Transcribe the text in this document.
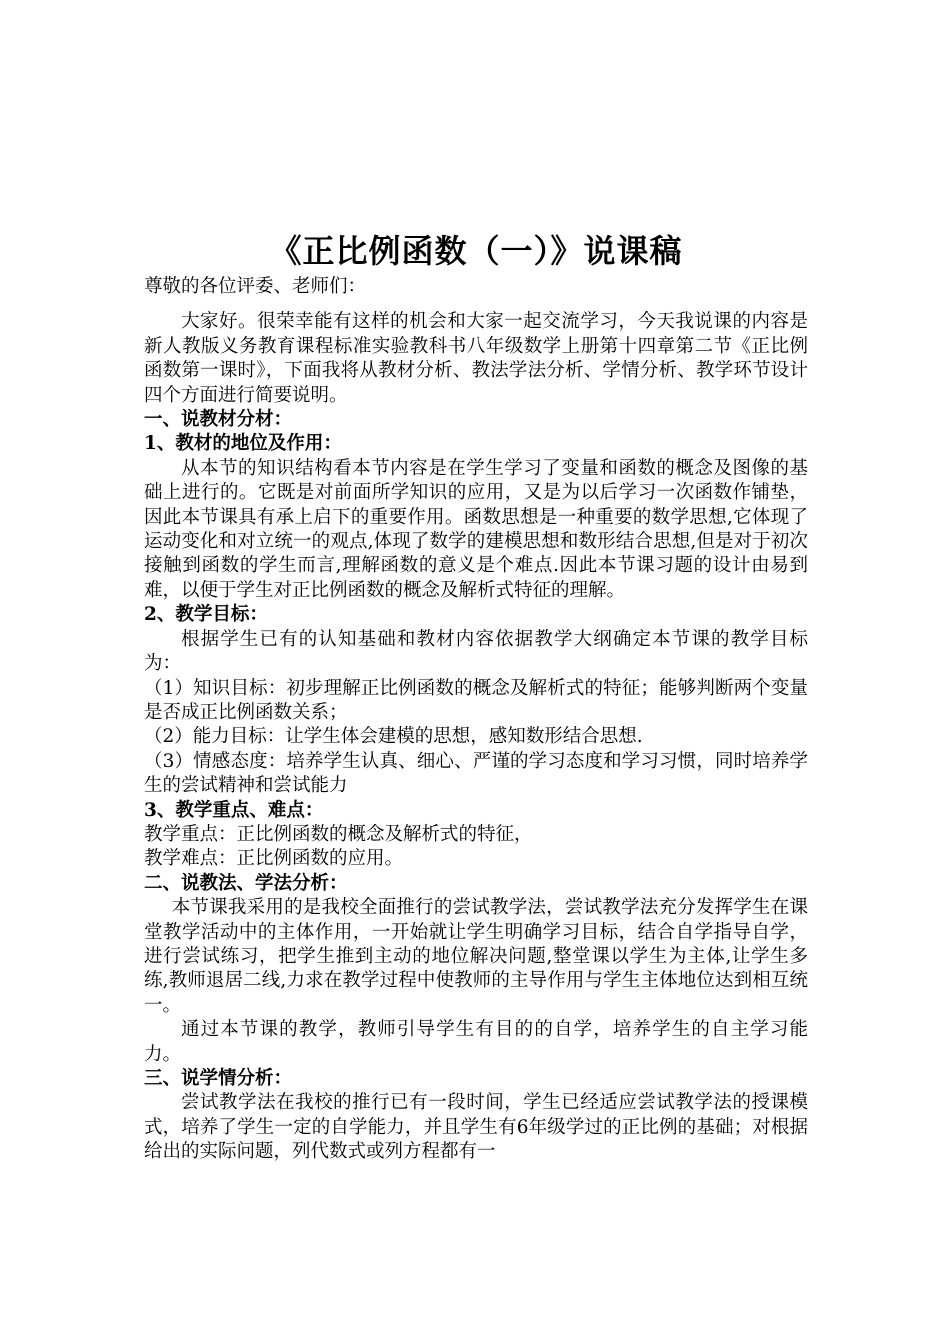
《正比例函数（一）》说课稿

尊敬的各位评委、老师们：

大家好。很荣幸能有这样的机会和大家一起交流学习，今天我说课的内容是新人教版义务教育课程标准实验教科书八年级数学上册第十四章第二节《正比例函数第一课时》，下面我将从教材分析、教法学法分析、学情分析、教学环节设计四个方面进行简要说明。

一、说教材分材：

1、教材的地位及作用：

从本节的知识结构看本节内容是在学生学习了变量和函数的概念及图像的基础上进行的。它既是对前面所学知识的应用，又是为以后学习一次函数作铺垫，因此本节课具有承上启下的重要作用。函数思想是一种重要的数学思想,它体现了运动变化和对立统一的观点,体现了数学的建模思想和数形结合思想,但是对于初次接触到函数的学生而言,理解函数的意义是个难点.因此本节课习题的设计由易到难，以便于学生对正比例函数的概念及解析式特征的理解。

2、教学目标：

根据学生已有的认知基础和教材内容依据教学大纲确定本节课的教学目标为：

（1）知识目标：初步理解正比例函数的概念及解析式的特征；能够判断两个变量是否成正比例函数关系；

（2）能力目标：让学生体会建模的思想，感知数形结合思想.

（3）情感态度：培养学生认真、细心、严谨的学习态度和学习习惯，同时培养学生的尝试精神和尝试能力

3、教学重点、难点：

教学重点：正比例函数的概念及解析式的特征，

教学难点：正比例函数的应用。

二、说教法、学法分析：

本节课我采用的是我校全面推行的尝试教学法，尝试教学法充分发挥学生在课堂教学活动中的主体作用，一开始就让学生明确学习目标，结合自学指导自学，进行尝试练习，把学生推到主动的地位解决问题,整堂课以学生为主体,让学生多练,教师退居二线,力求在教学过程中使教师的主导作用与学生主体地位达到相互统一。

通过本节课的教学，教师引导学生有目的的自学，培养学生的自主学习能力。

三、说学情分析：

尝试教学法在我校的推行已有一段时间，学生已经适应尝试教学法的授课模式，培养了学生一定的自学能力，并且学生有6年级学过的正比例的基础；对根据给出的实际问题，列代数式或列方程都有一
